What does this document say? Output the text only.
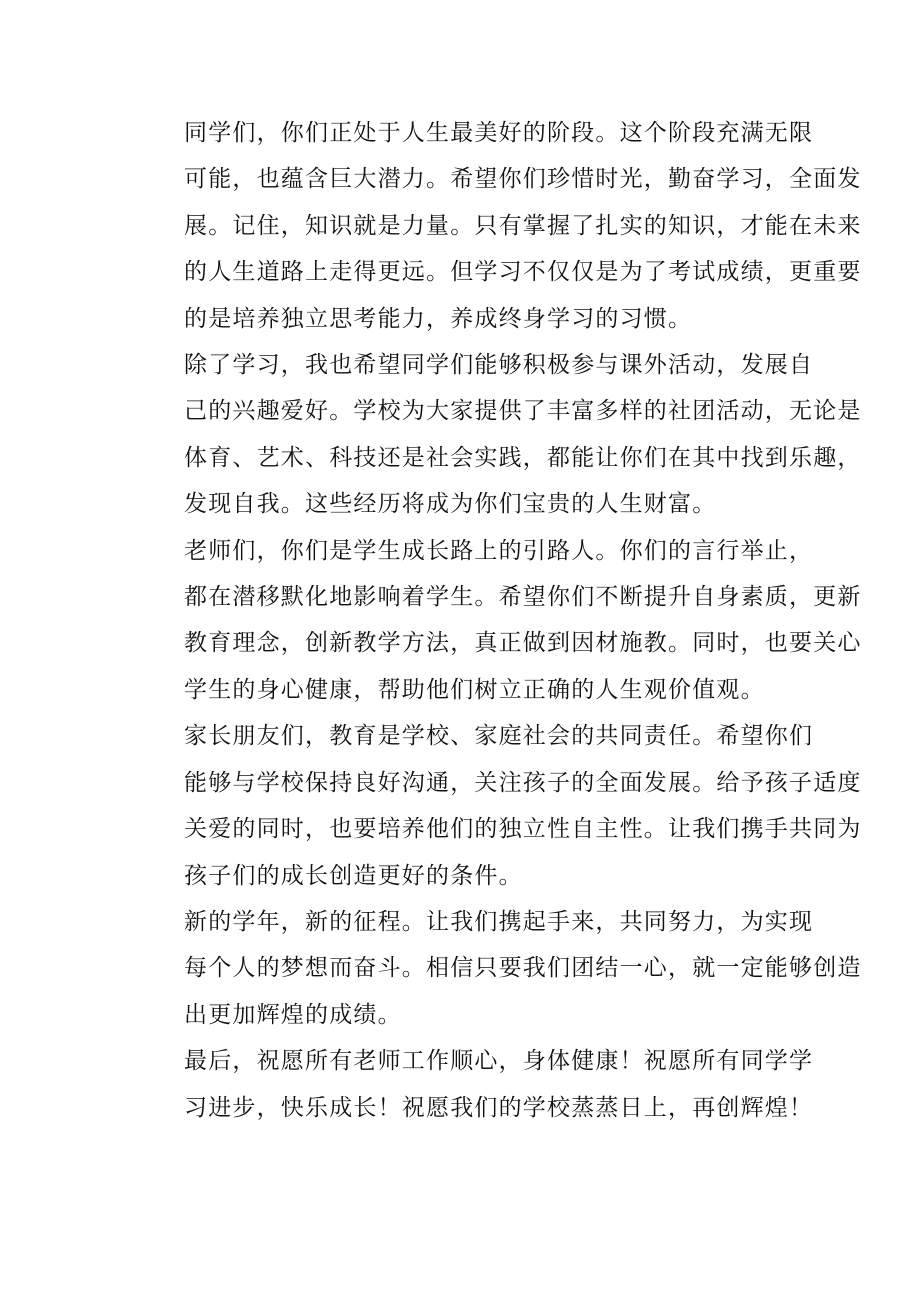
同学们，你们正处于人生最美好的阶段。这个阶段充满无限
可能，也蕴含巨大潜力。希望你们珍惜时光，勤奋学习，全面发
展。记住，知识就是力量。只有掌握了扎实的知识，才能在未来
的人生道路上走得更远。但学习不仅仅是为了考试成绩，更重要
的是培养独立思考能力，养成终身学习的习惯。

除了学习，我也希望同学们能够积极参与课外活动，发展自
己的兴趣爱好。学校为大家提供了丰富多样的社团活动，无论是
体育、艺术、科技还是社会实践，都能让你们在其中找到乐趣，
发现自我。这些经历将成为你们宝贵的人生财富。

老师们，你们是学生成长路上的引路人。你们的言行举止，
都在潜移默化地影响着学生。希望你们不断提升自身素质，更新
教育理念，创新教学方法，真正做到因材施教。同时，也要关心
学生的身心健康，帮助他们树立正确的人生观价值观。

家长朋友们，教育是学校、家庭社会的共同责任。希望你们
能够与学校保持良好沟通，关注孩子的全面发展。给予孩子适度
关爱的同时，也要培养他们的独立性自主性。让我们携手共同为
孩子们的成长创造更好的条件。

新的学年，新的征程。让我们携起手来，共同努力，为实现
每个人的梦想而奋斗。相信只要我们团结一心，就一定能够创造
出更加辉煌的成绩。

最后，祝愿所有老师工作顺心，身体健康！祝愿所有同学学
习进步，快乐成长！祝愿我们的学校蒸蒸日上，再创辉煌！
